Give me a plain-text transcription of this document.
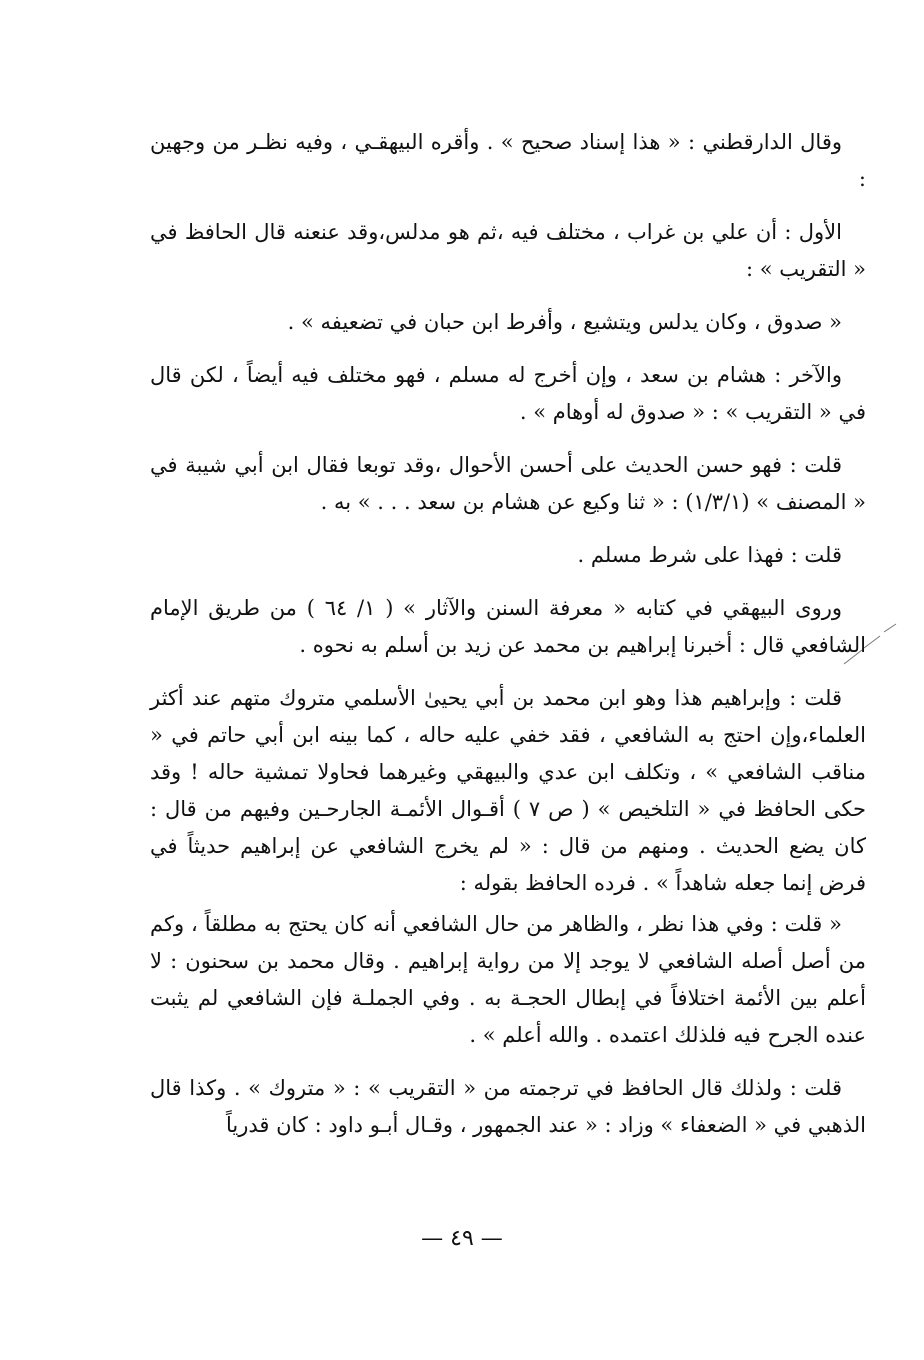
وقال الدارقطني : « هذا إسناد صحيح » . وأقره البيهقـي ، وفيه نظـر من وجهين :

الأول : أن علي بن غراب ، مختلف فيه ،ثم هو مدلس،وقد عنعنه قال الحافظ في « التقريب » :

« صدوق ، وكان يدلس ويتشيع ، وأفرط ابن حبان في تضعيفه » .

والآخر : هشام بن سعد ، وإن أخرج له مسلم ، فهو مختلف فيه أيضاً ، لكن قال في « التقريب » : « صدوق له أوهام » .

قلت : فهو حسن الحديث على أحسن الأحوال ،وقد توبعا فقال ابن أبي شيبة في « المصنف » (١/٣/١) : « ثنا وكيع عن هشام بن سعد . . . » به .

قلت : فهذا على شرط مسلم .

وروى البيهقي في كتابه « معرفة السنن والآثار » ( ١/ ٦٤ ) من طريق الإمام الشافعي قال : أخبرنا إبراهيم بن محمد عن زيد بن أسلم به نحوه .

قلت : وإبراهيم هذا وهو ابن محمد بن أبي يحيىٰ الأسلمي متروك متهم عند أكثر العلماء،وإن احتج به الشافعي ، فقد خفي عليه حاله ، كما بينه ابن أبي حاتم في « مناقب الشافعي » ، وتكلف ابن عدي والبيهقي وغيرهما فحاولا تمشية حاله ! وقد حكى الحافظ في « التلخيص » ( ص ٧ ) أقـوال الأئمـة الجارحـين وفيهم من قال : كان يضع الحديث . ومنهم من قال : « لم يخرج الشافعي عن إبراهيم حديثاً في فرض إنما جعله شاهداً » . فرده الحافظ بقوله :

« قلت : وفي هذا نظر ، والظاهر من حال الشافعي أنه كان يحتج به مطلقاً ، وكم من أصل أصله الشافعي لا يوجد إلا من رواية إبراهيم . وقال محمد بن سحنون : لا أعلم بين الأئمة اختلافاً في إبطال الحجـة به . وفي الجملـة فإن الشافعي لم يثبت عنده الجرح فيه فلذلك اعتمده . والله أعلم » .

قلت : ولذلك قال الحافظ في ترجمته من « التقريب » : « متروك » . وكذا قال الذهبي في « الضعفاء » وزاد : « عند الجمهور ، وقـال أبـو داود : كان قدرياً

— ٤٩ —
